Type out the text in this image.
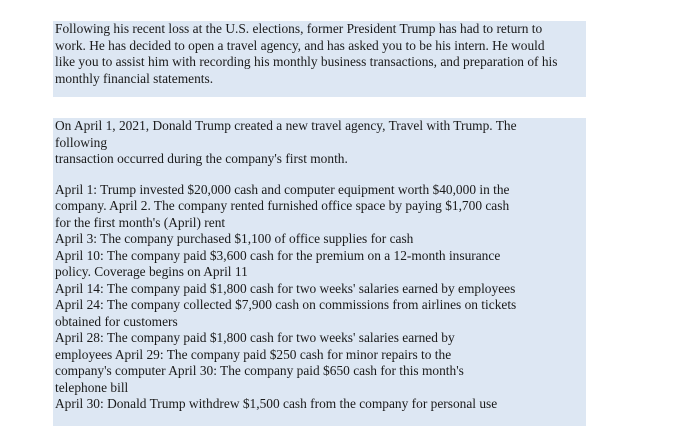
Following his recent loss at the U.S. elections, former President Trump has had to return to
work. He has decided to open a travel agency, and has asked you to be his intern. He would
like you to assist him with recording his monthly business transactions, and preparation of his
monthly financial statements.
On April 1, 2021, Donald Trump created a new travel agency, Travel with Trump. The
following
transaction occurred during the company's first month.
April 1: Trump invested $20,000 cash and computer equipment worth $40,000 in the
company. April 2. The company rented furnished office space by paying $1,700 cash
for the first month's (April) rent
April 3: The company purchased $1,100 of office supplies for cash
April 10: The company paid $3,600 cash for the premium on a 12-month insurance
policy. Coverage begins on April 11
April 14: The company paid $1,800 cash for two weeks' salaries earned by employees
April 24: The company collected $7,900 cash on commissions from airlines on tickets
obtained for customers
April 28: The company paid $1,800 cash for two weeks' salaries earned by
employees April 29: The company paid $250 cash for minor repairs to the
company's computer April 30: The company paid $650 cash for this month's
telephone bill
April 30: Donald Trump withdrew $1,500 cash from the company for personal use
